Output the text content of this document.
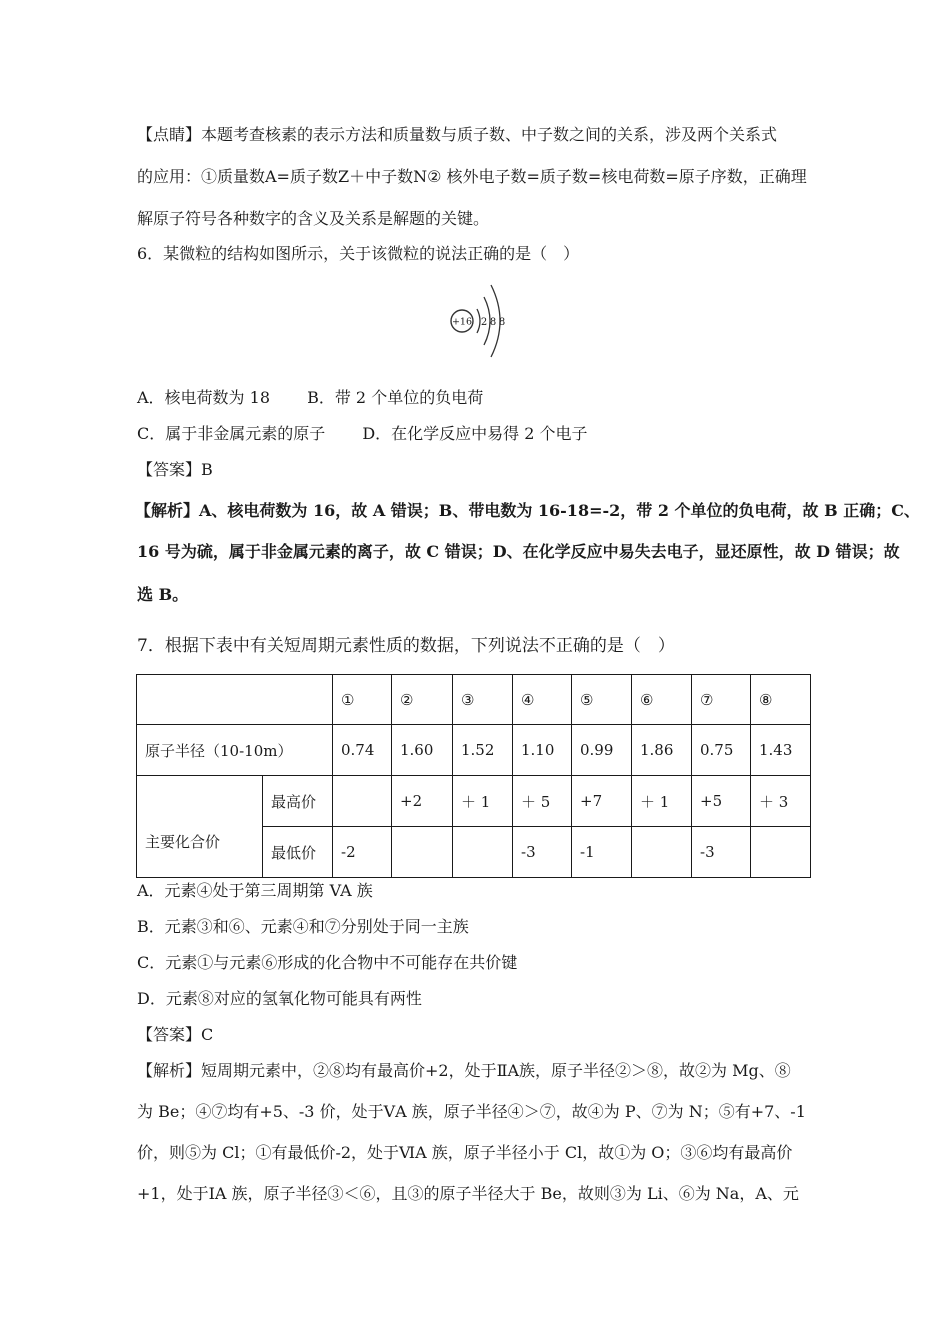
【点睛】本题考查核素的表示方法和质量数与质子数、中子数之间的关系，涉及两个关系式
的应用：①质量数A=质子数Z＋中子数N② 核外电子数=质子数=核电荷数=原子序数，正确理
解原子符号各种数字的含义及关系是解题的关键。
6．某微粒的结构如图所示，关于该微粒的说法正确的是（　）
+16 2 8 8
A．核电荷数为 18　　 B．带 2 个单位的负电荷
C．属于非金属元素的原子　　 D．在化学反应中易得 2 个电子
【答案】B
【解析】A、核电荷数为 16，故 A 错误；B、带电数为 16-18=-2，带 2 个单位的负电荷，故 B 正确；C、
16 号为硫，属于非金属元素的离子，故 C 错误；D、在化学反应中易失去电子，显还原性，故 D 错误；故
选 B。
7．根据下表中有关短周期元素性质的数据，下列说法不正确的是（　）
		①	②	③	④	⑤	⑥	⑦	⑧
原子半径（10-10m）		0.74	1.60	1.52	1.10	0.99	1.86	0.75	1.43
主要化合价	最高价		+2	＋ 1	＋ 5	+7	＋ 1	+5	＋ 3
	最低价	-2			-3	-1		-3	
A．元素④处于第三周期第 VA 族
B．元素③和⑥、元素④和⑦分别处于同一主族
C．元素①与元素⑥形成的化合物中不可能存在共价键
D．元素⑧对应的氢氧化物可能具有两性
【答案】C
【解析】短周期元素中，②⑧均有最高价+2，处于ⅡA族，原子半径②＞⑧，故②为 Mg、⑧
为 Be；④⑦均有+5、-3 价，处于ⅤA 族，原子半径④＞⑦，故④为 P、⑦为 N；⑤有+7、-1
价，则⑤为 Cl；①有最低价-2，处于ⅥA 族，原子半径小于 Cl，故①为 O；③⑥均有最高价
+1，处于ⅠA 族，原子半径③＜⑥，且③的原子半径大于 Be，故则③为 Li、⑥为 Na，A、元
